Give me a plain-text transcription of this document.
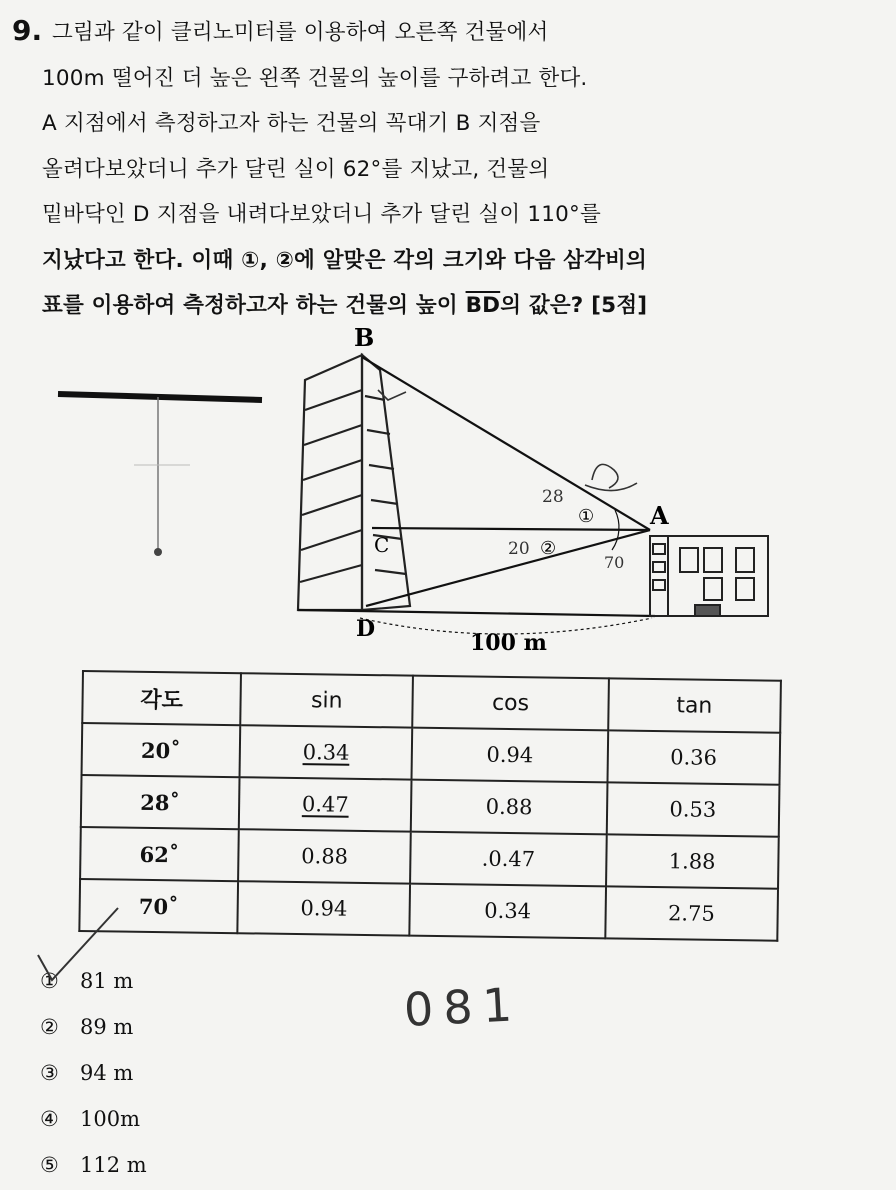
9. 그림과 같이 클리노미터를 이용하여 오른쪽 건물에서
100m 떨어진 더 높은 왼쪽 건물의 높이를 구하려고 한다.
A 지점에서 측정하고자 하는 건물의 꼭대기 B 지점을
올려다보았더니 추가 달린 실이 62°를 지났고, 건물의
밑바닥인 D 지점을 내려다보았더니 추가 달린 실이 110°를
지났다고 한다. 이때 ①, ②에 알맞은 각의 크기와 다음 삼각비의
표를 이용하여 측정하고자 하는 건물의 높이 $\overline{BD}$의 값은? [5점]
B
A
C
D
100 m
①
②
28
20
70
각도	sin	cos	tan
20˚	0.34	0.94	0.36
28˚	0.47	0.88	0.53
62˚	0.88	.0.47	1.88
70˚	0.94	0.34	2.75
① 81 m
② 89 m
③ 94 m
④ 100m
⑤ 112 m
081
